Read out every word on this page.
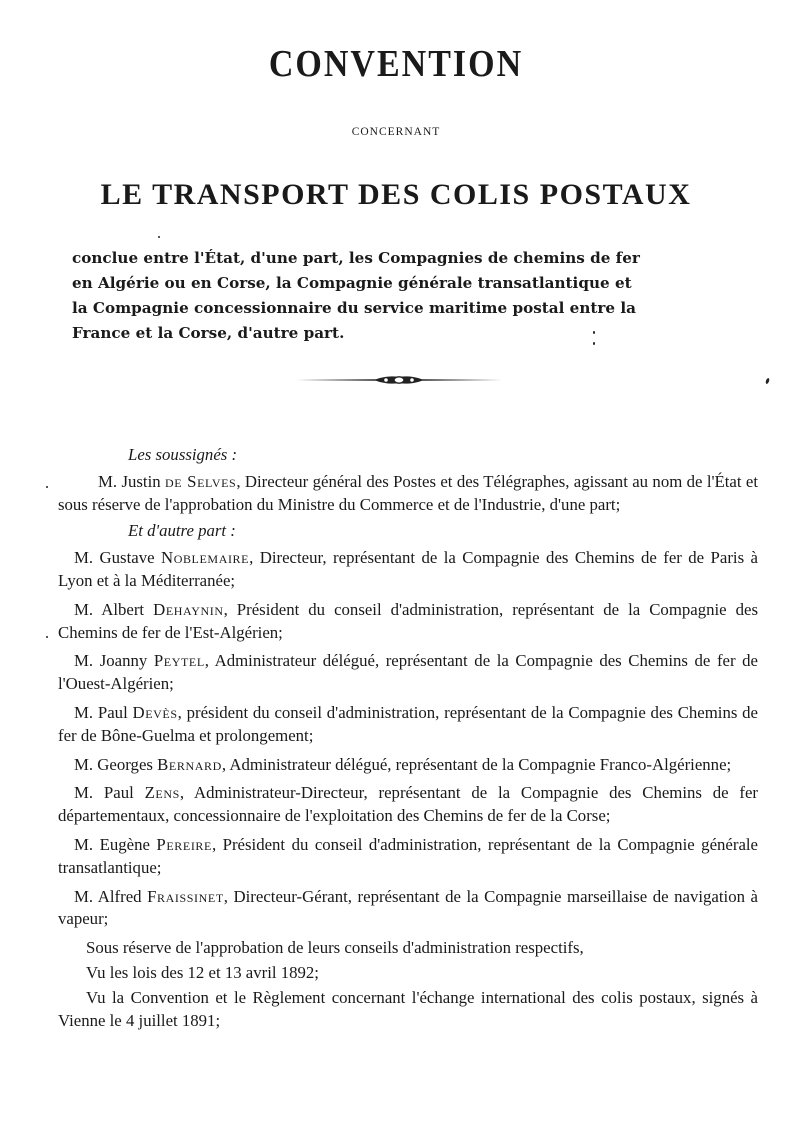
CONVENTION
CONCERNANT
LE TRANSPORT DES COLIS POSTAUX

conclue entre l'État, d'une part, les Compagnies de chemins de fer
en Algérie ou en Corse, la Compagnie générale transatlantique et
la Compagnie concessionnaire du service maritime postal entre la
France et la Corse, d'autre part.

Les soussignés :

M. Justin de Selves, Directeur général des Postes et des Télégraphes, agissant au nom de l'État et sous réserve de l'approbation du Ministre du Commerce et de l'Industrie, d'une part;

Et d'autre part :

M. Gustave Noblemaire, Directeur, représentant de la Compagnie des Chemins de fer de Paris à Lyon et à la Méditerranée;

M. Albert Dehaynin, Président du conseil d'administration, représentant de la Compagnie des Chemins de fer de l'Est-Algérien;

M. Joanny Peytel, Administrateur délégué, représentant de la Compagnie des Chemins de fer de l'Ouest-Algérien;

M. Paul Devès, président du conseil d'administration, représentant de la Compagnie des Chemins de fer de Bône-Guelma et prolongement;

M. Georges Bernard, Administrateur délégué, représentant de la Compagnie Franco-Algérienne;

M. Paul Zens, Administrateur-Directeur, représentant de la Compagnie des Chemins de fer départementaux, concessionnaire de l'exploitation des Chemins de fer de la Corse;

M. Eugène Pereire, Président du conseil d'administration, représentant de la Compagnie générale transatlantique;

M. Alfred Fraissinet, Directeur-Gérant, représentant de la Compagnie marseillaise de navigation à vapeur;

Sous réserve de l'approbation de leurs conseils d'administration respectifs,

Vu les lois des 12 et 13 avril 1892;

Vu la Convention et le Règlement concernant l'échange international des colis postaux, signés à Vienne le 4 juillet 1891;
